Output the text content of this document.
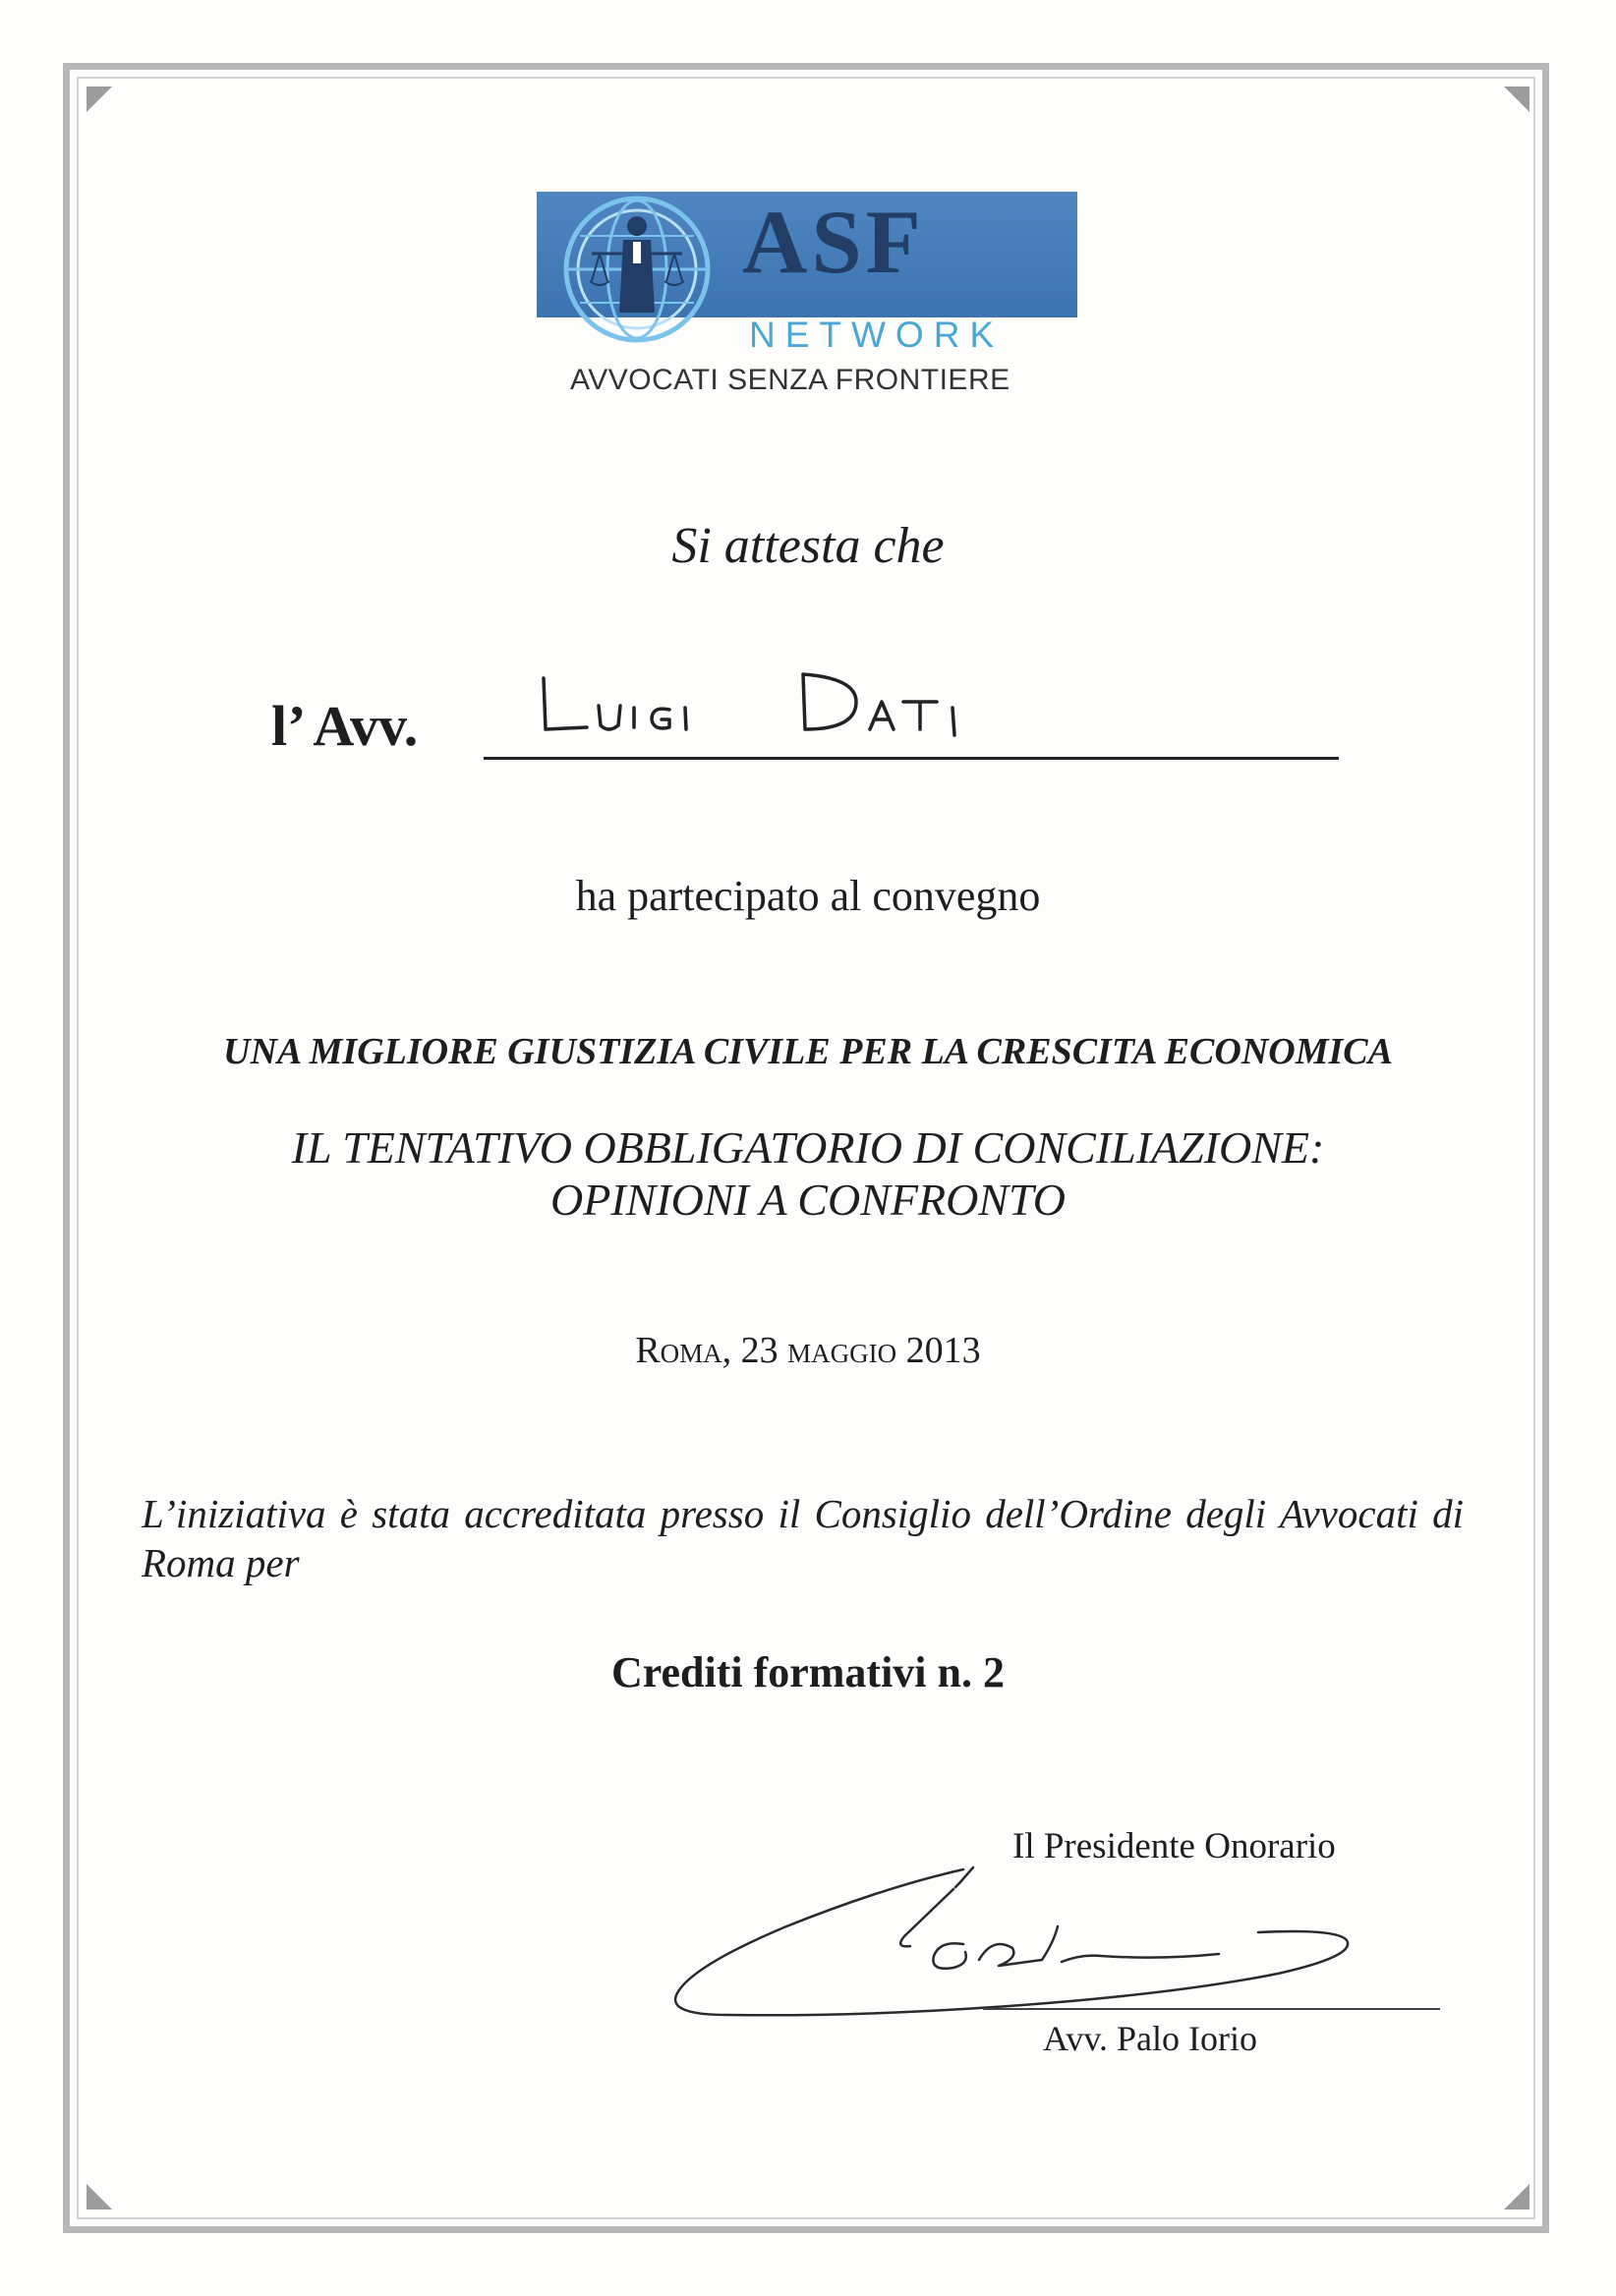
ASF
NETWORK
AVVOCATI SENZA FRONTIERE
Si attesta che
l’ Avv.
ha partecipato al convegno
UNA MIGLIORE GIUSTIZIA CIVILE PER LA CRESCITA ECONOMICA
IL TENTATIVO OBBLIGATORIO DI CONCILIAZIONE:
OPINIONI A CONFRONTO
Roma, 23 maggio 2013
L’iniziativa è stata accreditata presso il Consiglio dell’Ordine degli Avvocati di Roma per
Crediti formativi n. 2
Il Presidente Onorario
Avv. Palo Iorio
